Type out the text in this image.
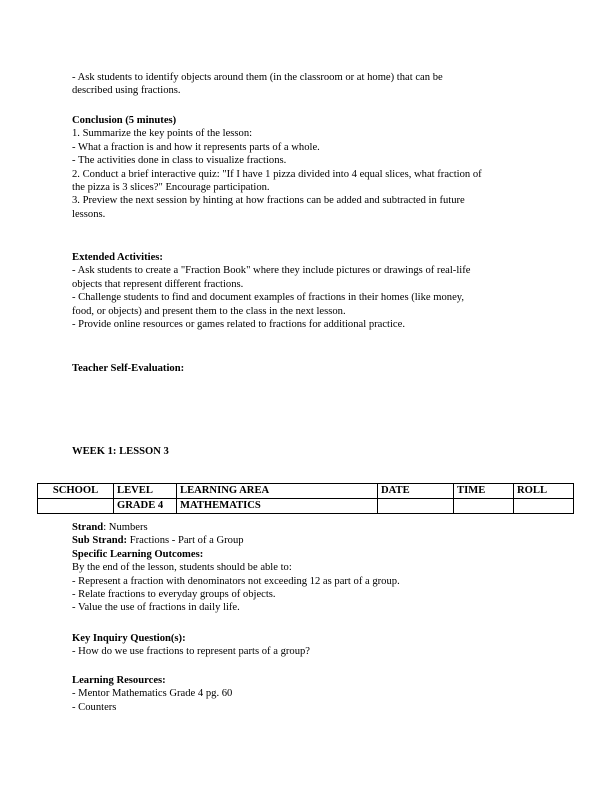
- Ask students to identify objects around them (in the classroom or at home) that can be

described using fractions.

Conclusion (5 minutes)

1. Summarize the key points of the lesson:

- What a fraction is and how it represents parts of a whole.

- The activities done in class to visualize fractions.

2. Conduct a brief interactive quiz: "If I have 1 pizza divided into 4 equal slices, what fraction of

the pizza is 3 slices?" Encourage participation.

3. Preview the next session by hinting at how fractions can be added and subtracted in future

lessons.

Extended Activities:

- Ask students to create a "Fraction Book" where they include pictures or drawings of real-life

objects that represent different fractions.

- Challenge students to find and document examples of fractions in their homes (like money,

food, or objects) and present them to the class in the next lesson.

- Provide online resources or games related to fractions for additional practice.

Teacher Self-Evaluation:

WEEK 1: LESSON 3

SCHOOL	LEVEL	LEARNING AREA	DATE	TIME	ROLL
	GRADE 4	MATHEMATICS			

Strand: Numbers

Sub Strand: Fractions - Part of a Group

Specific Learning Outcomes:

By the end of the lesson, students should be able to:

- Represent a fraction with denominators not exceeding 12 as part of a group.

- Relate fractions to everyday groups of objects.

- Value the use of fractions in daily life.

Key Inquiry Question(s):

- How do we use fractions to represent parts of a group?

Learning Resources:

- Mentor Mathematics Grade 4 pg. 60

- Counters
